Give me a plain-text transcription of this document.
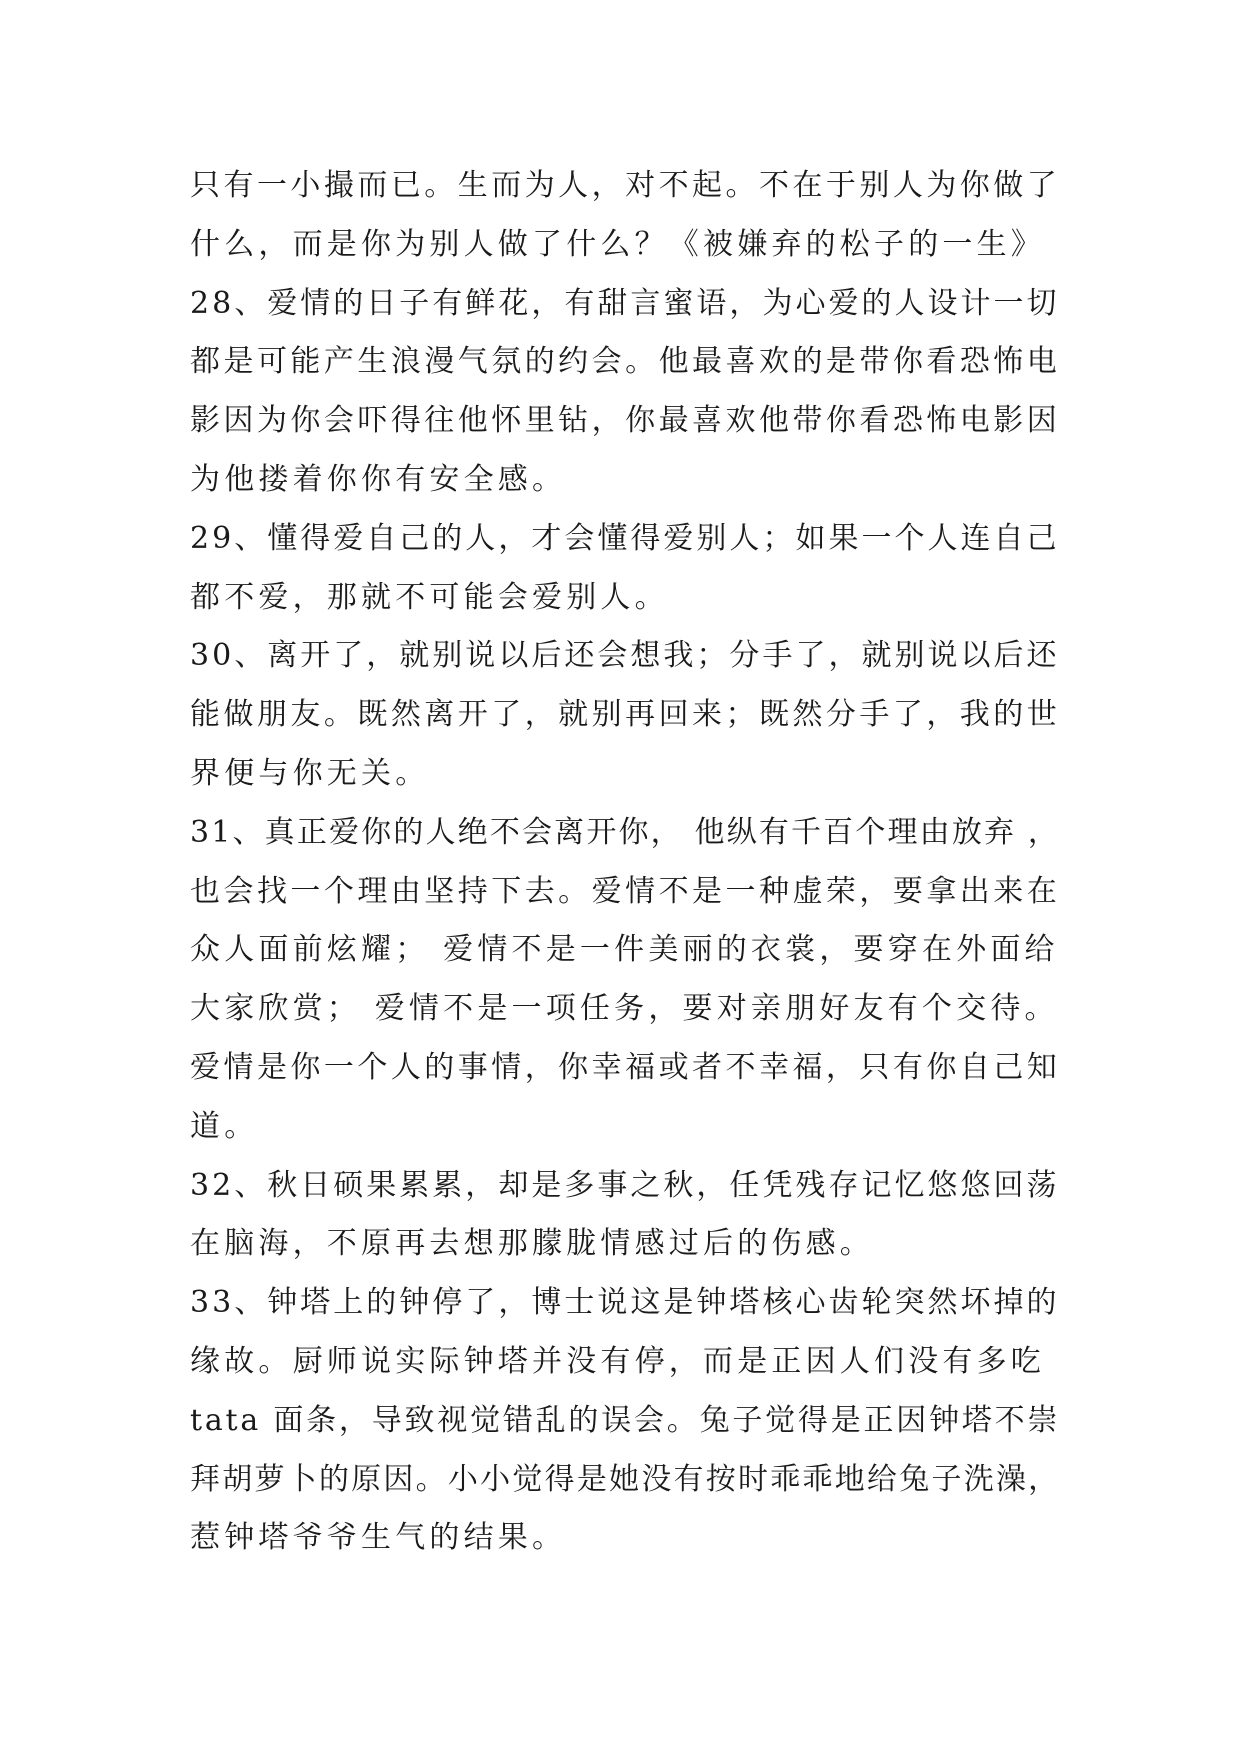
只有一小撮而已。生而为人，对不起。不在于别人为你做了
什么，而是你为别人做了什么？《被嫌弃的松子的一生》
28、爱情的日子有鲜花，有甜言蜜语，为心爱的人设计一切
都是可能产生浪漫气氛的约会。他最喜欢的是带你看恐怖电
影因为你会吓得往他怀里钻，你最喜欢他带你看恐怖电影因
为他搂着你你有安全感。
29、懂得爱自己的人，才会懂得爱别人；如果一个人连自己
都不爱，那就不可能会爱别人。
30、离开了，就别说以后还会想我；分手了，就别说以后还
能做朋友。既然离开了，就别再回来；既然分手了，我的世
界便与你无关。
31、真正爱你的人绝不会离开你， 他纵有千百个理由放弃 ，
也会找一个理由坚持下去。爱情不是一种虚荣，要拿出来在
众人面前炫耀； 爱情不是一件美丽的衣裳，要穿在外面给
大家欣赏； 爱情不是一项任务，要对亲朋好友有个交待。
爱情是你一个人的事情，你幸福或者不幸福，只有你自己知
道。
32、秋日硕果累累，却是多事之秋，任凭残存记忆悠悠回荡
在脑海，不原再去想那朦胧情感过后的伤感。
33、钟塔上的钟停了，博士说这是钟塔核心齿轮突然坏掉的
缘故。厨师说实际钟塔并没有停，而是正因人们没有多吃
tata 面条，导致视觉错乱的误会。兔子觉得是正因钟塔不崇
拜胡萝卜的原因。小小觉得是她没有按时乖乖地给兔子洗澡，
惹钟塔爷爷生气的结果。
